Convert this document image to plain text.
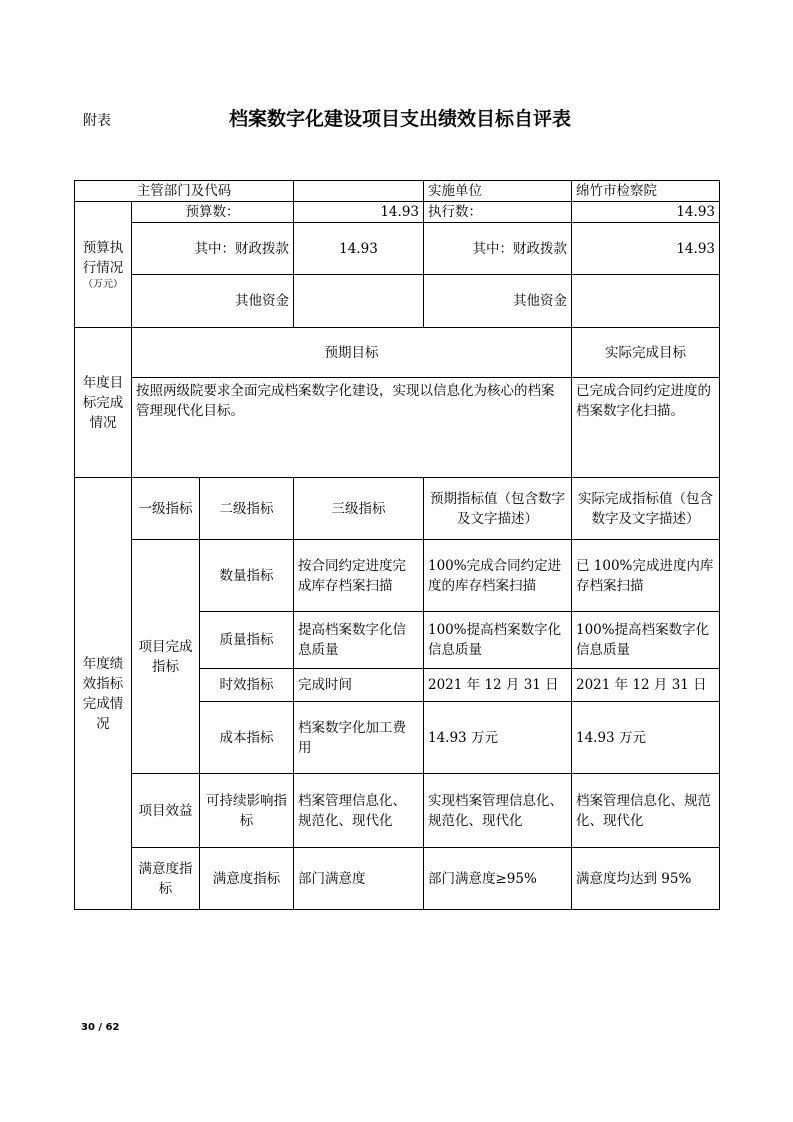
附表	档案数字化建设项目支出绩效目标自评表
主管部门及代码				实施单位	绵竹市检察院
预算执行情况
（万元）	预算数：		14.93	执行数：	14.93
	其中：财政拨款		14.93	其中：财政拨款	14.93
	其他资金			其他资金	
年度目标完成情况	预期目标				实际完成目标
	按照两级院要求全面完成档案数字化建设，实现以信息化为核心的档案管理现代化目标。				已完成合同约定进度的档案数字化扫描。
年度绩效指标完成情况	一级指标	二级指标	三级指标	预期指标值（包含数字及文字描述）	实际完成指标值（包含数字及文字描述）
	项目完成指标	数量指标	按合同约定进度完成库存档案扫描	100%完成合同约定进度的库存档案扫描	已 100%完成进度内库存档案扫描
		质量指标	提高档案数字化信息质量	100%提高档案数字化信息质量	100%提高档案数字化信息质量
		时效指标	完成时间	2021 年 12 月 31 日	2021 年 12 月 31 日
		成本指标	档案数字化加工费用	14.93 万元	14.93 万元
	项目效益	可持续影响指标	档案管理信息化、规范化、现代化	实现档案管理信息化、规范化、现代化	档案管理信息化、规范化、现代化
	满意度指标	满意度指标	部门满意度	部门满意度≥95%	满意度均达到 95%
30 / 62
